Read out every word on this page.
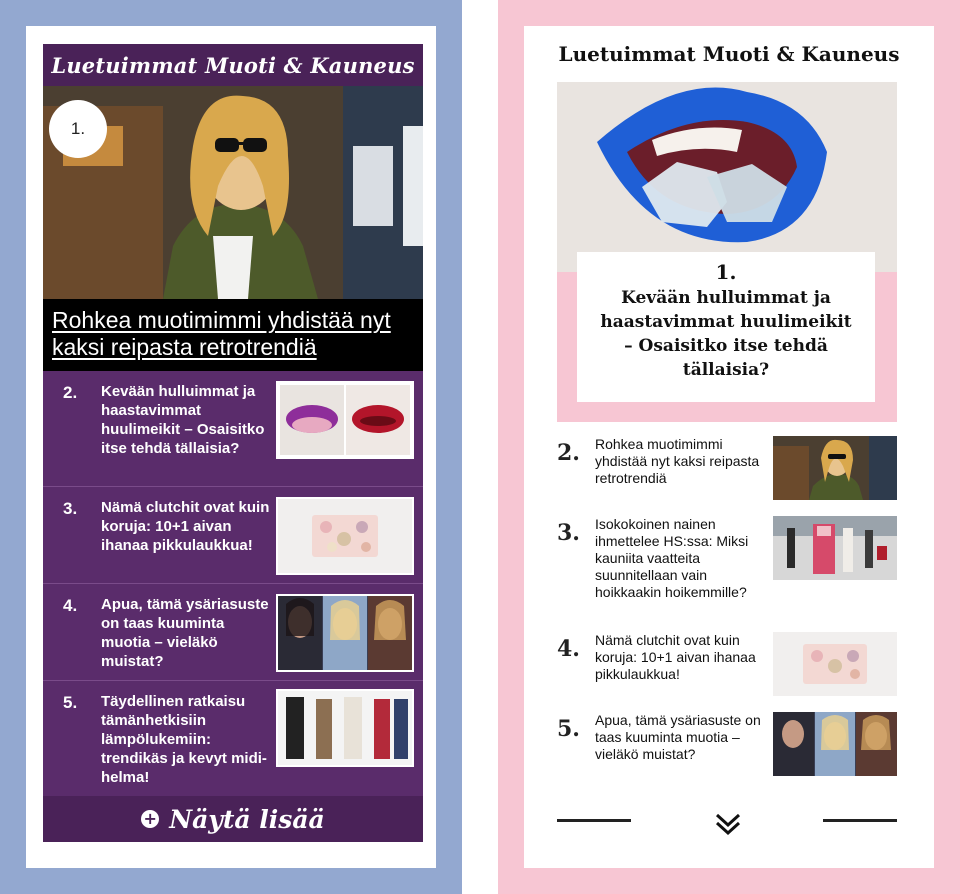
Luetuimmat Muoti & Kauneus
1.
Rohkea muotimimmi yhdistää nyt kaksi reipasta retrotrendiä
2.	Kevään hulluimmat ja haastavimmat huulimeikit – Osaisitko itse tehdä tällaisia?
3.	Nämä clutchit ovat kuin koruja: 10+1 aivan ihanaa pikkulaukkua!
4.	Apua, tämä ysäriasuste on taas kuuminta muotia – vieläkö muistat?
5.	Täydellinen ratkaisu tämänhetkisiin lämpölukemiin: trendikäs ja kevyt midi-helma!
+ Näytä lisää
Luetuimmat Muoti & Kauneus
1.
Kevään hulluimmat ja haastavimmat huulimeikit – Osaisitko itse tehdä tällaisia?
2. Rohkea muotimimmi yhdistää nyt kaksi reipasta retrotrendiä
3. Isokokoinen nainen ihmettelee HS:ssa: Miksi kauniita vaatteita suunnitellaan vain hoikkaakin hoikemmille?
4. Nämä clutchit ovat kuin koruja: 10+1 aivan ihanaa pikkulaukkua!
5. Apua, tämä ysäriasuste on taas kuuminta muotia – vieläkö muistat?
